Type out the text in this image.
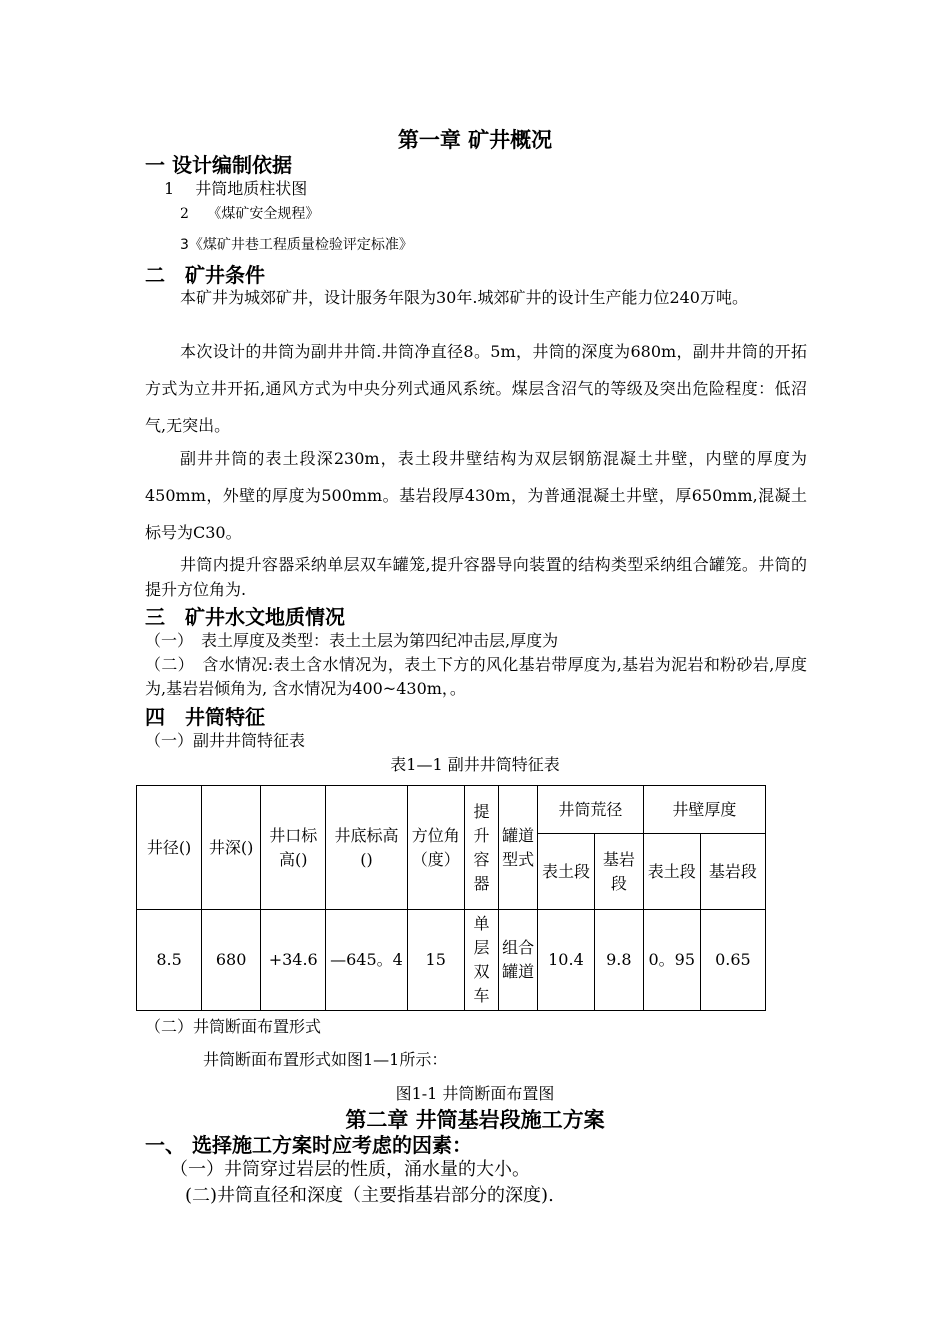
第一章 矿井概况
一 设计编制依据
1　 井筒地质柱状图
2　 《煤矿安全规程》
3《煤矿井巷工程质量检验评定标准》
二　矿井条件
本矿井为城郊矿井，设计服务年限为30年.城郊矿井的设计生产能力位240万吨。
本次设计的井筒为副井井筒.井筒净直径8。5m，井筒的深度为680m，副井井筒的开拓方式为立井开拓,通风方式为中央分列式通风系统。煤层含沼气的等级及突出危险程度：低沼气,无突出。
副井井筒的表土段深230m，表土段井壁结构为双层钢筋混凝土井壁，内壁的厚度为450mm，外壁的厚度为500mm。基岩段厚430m，为普通混凝土井壁，厚650mm,混凝土标号为C30。
井筒内提升容器采纳单层双车罐笼,提升容器导向装置的结构类型采纳组合罐笼。井筒的提升方位角为.
三　矿井水文地质情况
（一）　表土厚度及类型：表土土层为第四纪冲击层,厚度为
（二）　含水情况:表土含水情况为，表土下方的风化基岩带厚度为,基岩为泥岩和粉砂岩,厚度为,基岩岩倾角为, 含水情况为400~430m，。
四　井筒特征
（一）副井井筒特征表
表1—1 副井井筒特征表
井径()	井深()	井口标高()	井底标高()	方位角（度）	提升容器	罐道型式	井筒荒径		井壁厚度	
							表土段	基岩段	表土段	基岩段
8.5	680	+34.6	—645。4	15	单层双车	组合罐道	10.4	9.8	0。95	0.65
（二）井筒断面布置形式
井筒断面布置形式如图1—1所示：
图1-1 井筒断面布置图
第二章 井筒基岩段施工方案
一、 选择施工方案时应考虑的因素：
（一）井筒穿过岩层的性质，涌水量的大小。
(二)井筒直径和深度（主要指基岩部分的深度).
